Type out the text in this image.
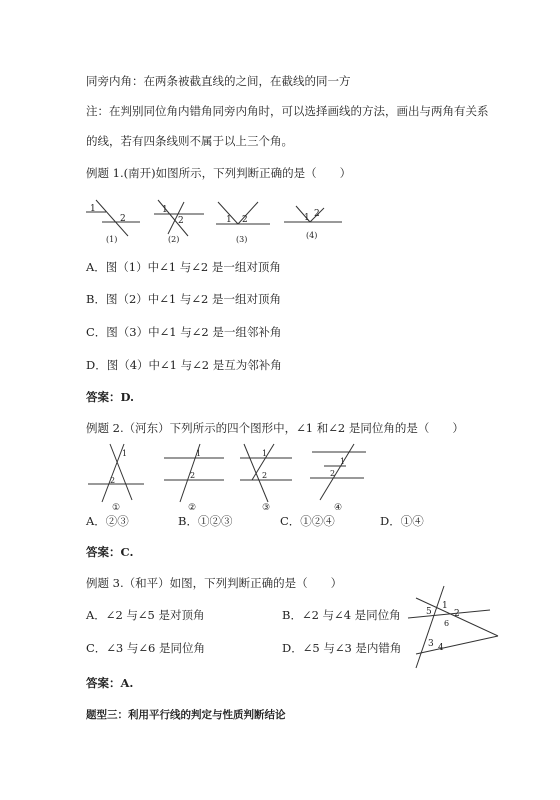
同旁内角：在两条被截直线的之间，在截线的同一方
注：在判别同位角内错角同旁内角时，可以选择画线的方法，画出与两角有关系
的线，若有四条线则不属于以上三个角。
例题 1.(南开)如图所示，下列判断正确的是（　　）
1
2
(1)
1
2
(2)
1 2
(3)
1 2
(4)
A．图（1）中∠1 与∠2 是一组对顶角
B．图（2）中∠1 与∠2 是一组对顶角
C．图（3）中∠1 与∠2 是一组邻补角
D．图（4）中∠1 与∠2 是互为邻补角
答案：D.
例题 2.（河东）下列所示的四个图形中，∠1 和∠2 是同位角的是（　　）
1
2
①
1
2
②
1
2
③
1
2
④
A．②③	B．①②③	C．①②④	D．①④
答案：C.
例题 3.（和平）如图，下列判断正确的是（　　）
A．∠2 与∠5 是对顶角	B．∠2 与∠4 是同位角
C．∠3 与∠6 是同位角	D．∠5 与∠3 是内错角
5
1
2
6
3 4
答案：A.
题型三：利用平行线的判定与性质判断结论
